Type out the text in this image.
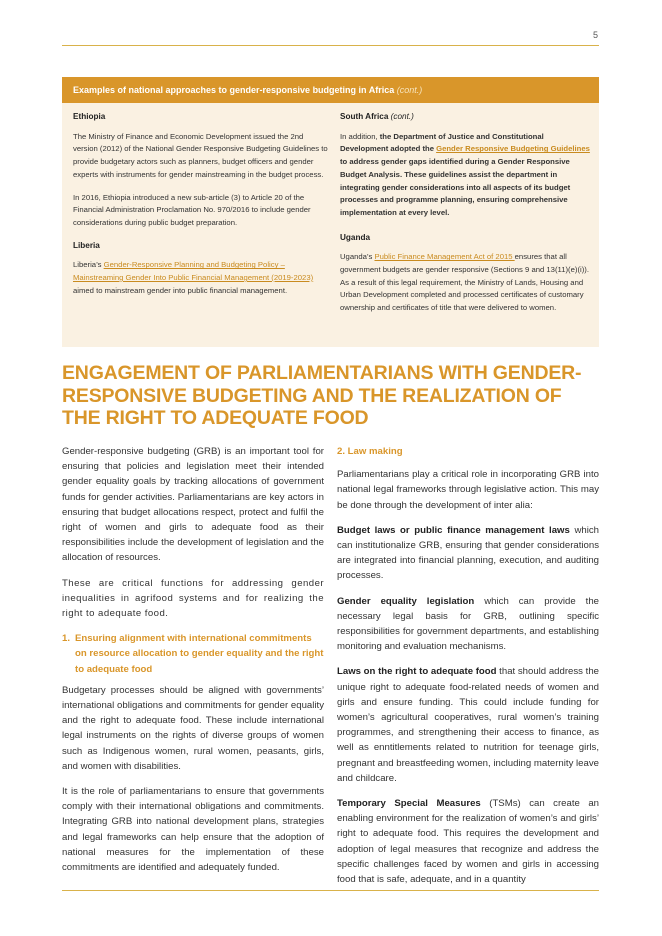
5
Examples of national approaches to gender-responsive budgeting in Africa (cont.)
Ethiopia

The Ministry of Finance and Economic Development issued the 2nd version (2012) of the National Gender Responsive Budgeting Guidelines to provide budgetary actors such as planners, budget officers and gender experts with instruments for gender mainstreaming in the budget process.

In 2016, Ethiopia introduced a new sub-article (3) to Article 20 of the Financial Administration Proclamation No. 970/2016 to include gender considerations during public budget preparation.

Liberia

Liberia’s Gender-Responsive Planning and Budgeting Policy – Mainstreaming Gender Into Public Financial Management (2019-2023) aimed to mainstream gender into public financial management.

South Africa (cont.)

In addition, the Department of Justice and Constitutional Development adopted the Gender Responsive Budgeting Guidelines to address gender gaps identified during a Gender Responsive Budget Analysis. These guidelines assist the department in integrating gender considerations into all aspects of its budget processes and programme planning, ensuring comprehensive implementation at every level.

Uganda

Uganda’s Public Finance Management Act of 2015 ensures that all government budgets are gender responsive (Sections 9 and 13(11)(e)(i)). As a result of this legal requirement, the Ministry of Lands, Housing and Urban Development completed and processed certificates of customary ownership and certificates of title that were delivered to women.

ENGAGEMENT OF PARLIAMENTARIANS WITH GENDER-RESPONSIVE BUDGETING AND THE REALIZATION OF THE RIGHT TO ADEQUATE FOOD

Gender-responsive budgeting (GRB) is an important tool for ensuring that policies and legislation meet their intended gender equality goals by tracking allocations of government funds for gender activities. Parliamentarians are key actors in ensuring that budget allocations respect, protect and fulfil the right of women and girls to adequate food as their responsibilities include the development of legislation and the allocation of resources.

These are critical functions for addressing gender inequalities in agrifood systems and for realizing the right to adequate food.

1. Ensuring alignment with international commitments on resource allocation to gender equality and the right to adequate food

Budgetary processes should be aligned with governments’ international obligations and commitments for gender equality and the right to adequate food. These include international legal instruments on the rights of diverse groups of women such as Indigenous women, rural women, peasants, girls, and women with disabilities.

It is the role of parliamentarians to ensure that governments comply with their international obligations and commitments. Integrating GRB into national development plans, strategies and legal frameworks can help ensure that the adoption of national measures for the implementation of these commitments are identified and adequately funded.

2. Law making

Parliamentarians play a critical role in incorporating GRB into national legal frameworks through legislative action. This may be done through the development of inter alia:

Budget laws or public finance management laws which can institutionalize GRB, ensuring that gender considerations are integrated into financial planning, execution, and auditing processes.

Gender equality legislation which can provide the necessary legal basis for GRB, outlining specific responsibilities for government departments, and establishing monitoring and evaluation mechanisms.

Laws on the right to adequate food that should address the unique right to adequate food-related needs of women and girls and ensure funding. This could include funding for women’s agricultural cooperatives, rural women’s training programmes, and strengthening their access to finance, as well as enntitlements related to nutrition for teenage girls, pregnant and breastfeeding women, including maternity leave and childcare.

Temporary Special Measures (TSMs) can create an enabling environment for the realization of women’s and girls’ right to adequate food. This requires the development and adoption of legal measures that recognize and address the specific challenges faced by women and girls in accessing food that is safe, adequate, and in a quantity
